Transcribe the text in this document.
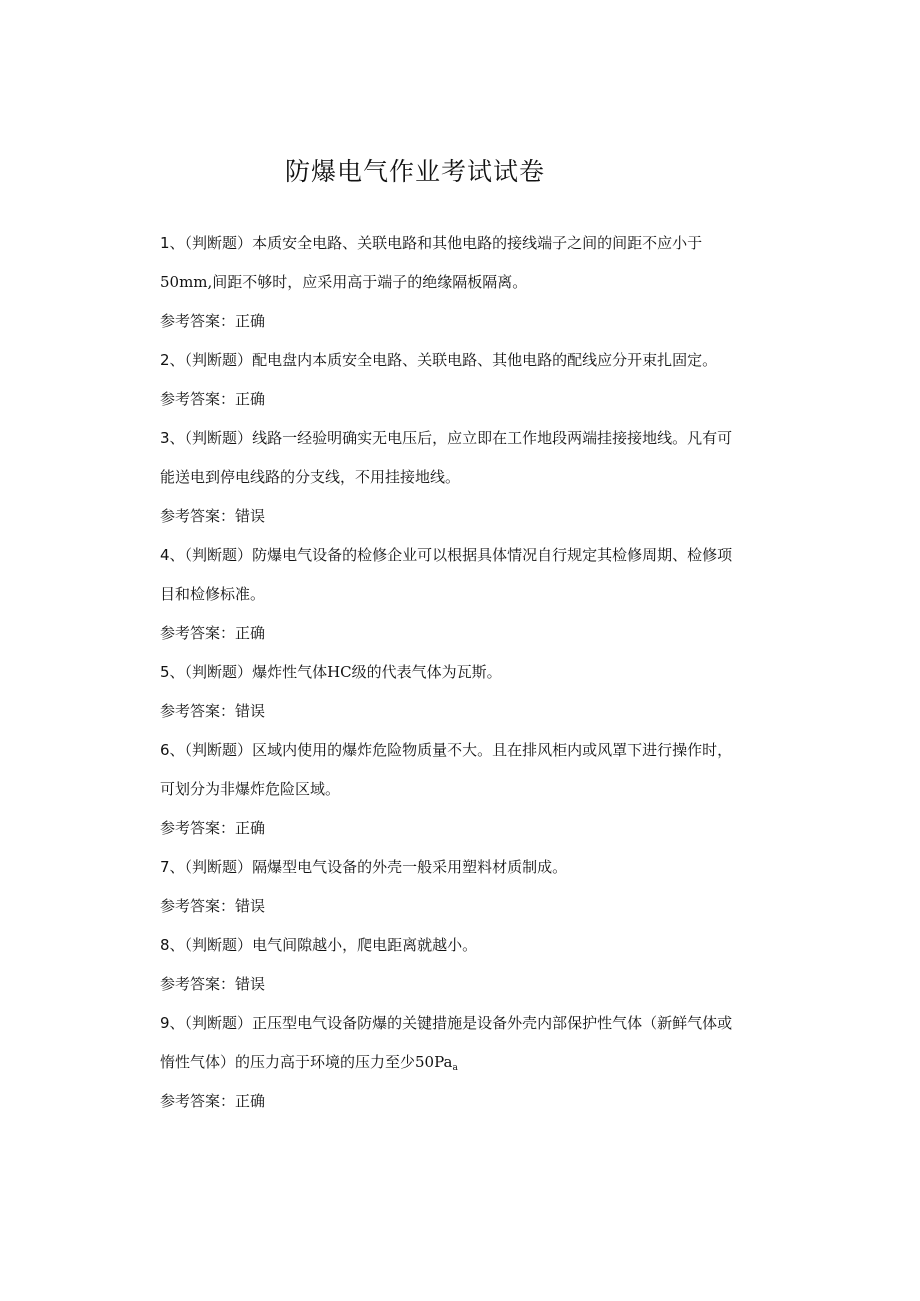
防爆电气作业考试试卷
1、（判断题）本质安全电路、关联电路和其他电路的接线端子之间的间距不应小于
50mm,间距不够时，应采用高于端子的绝缘隔板隔离。
参考答案：正确
2、（判断题）配电盘内本质安全电路、关联电路、其他电路的配线应分开束扎固定。
参考答案：正确
3、（判断题）线路一经验明确实无电压后，应立即在工作地段两端挂接接地线。凡有可
能送电到停电线路的分支线，不用挂接地线。
参考答案：错误
4、（判断题）防爆电气设备的检修企业可以根据具体情况自行规定其检修周期、检修项
目和检修标准。
参考答案：正确
5、（判断题）爆炸性气体HC级的代表气体为瓦斯。
参考答案：错误
6、（判断题）区域内使用的爆炸危险物质量不大。且在排风柜内或风罩下进行操作时，
可划分为非爆炸危险区域。
参考答案：正确
7、（判断题）隔爆型电气设备的外壳一般采用塑料材质制成。
参考答案：错误
8、（判断题）电气间隙越小，爬电距离就越小。
参考答案：错误
9、（判断题）正压型电气设备防爆的关键措施是设备外壳内部保护性气体（新鲜气体或
惰性气体）的压力高于环境的压力至少$50Pa_a$
参考答案：正确
